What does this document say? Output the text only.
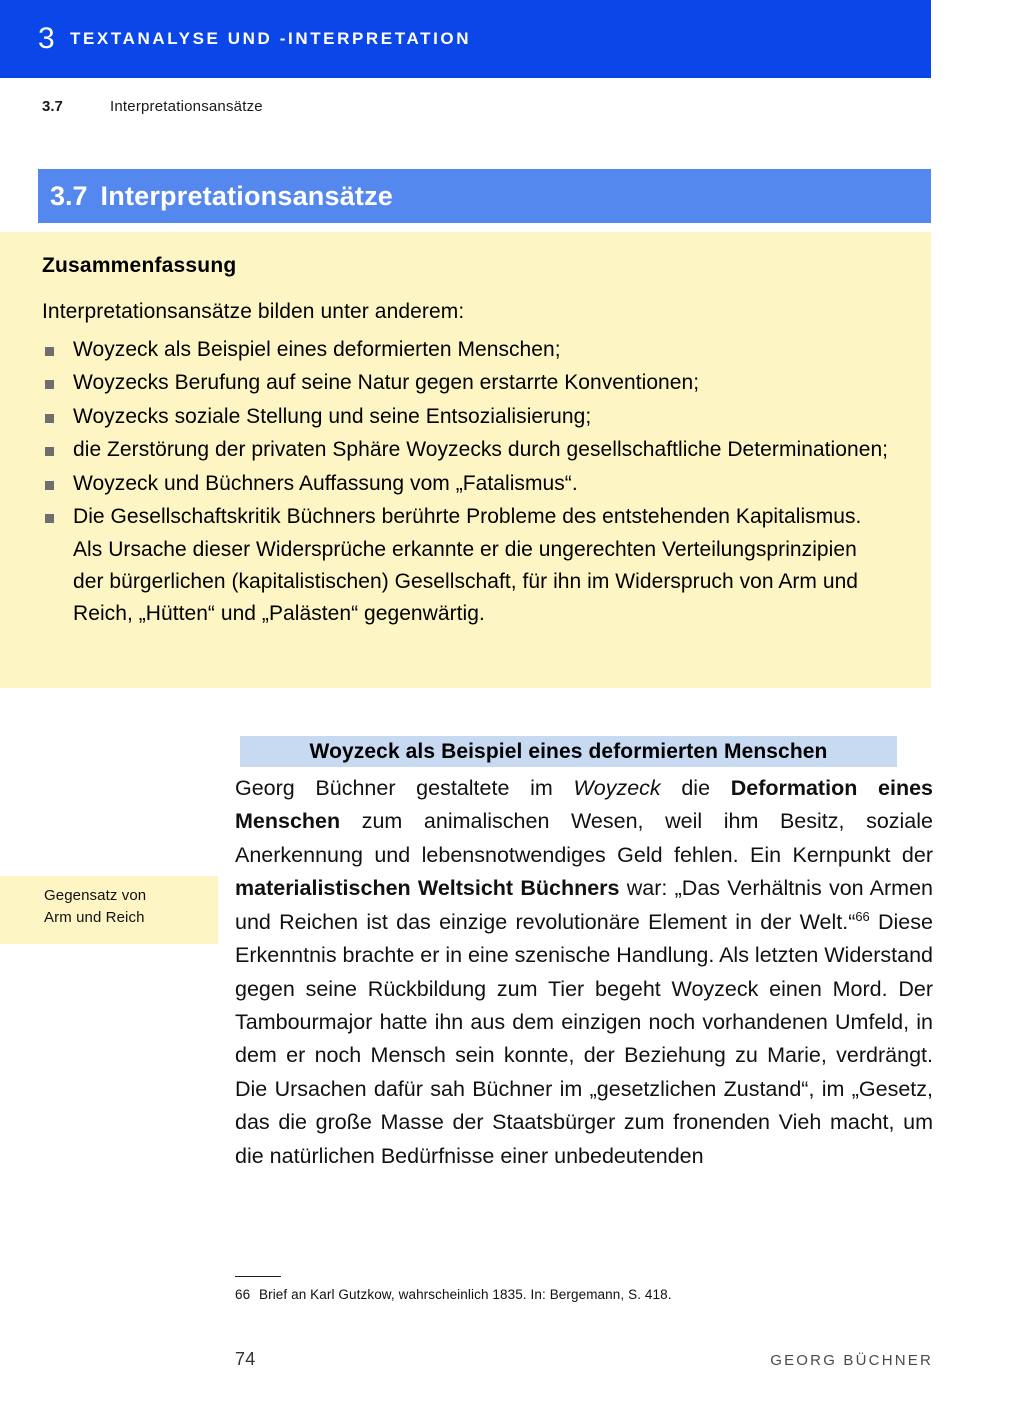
3 TEXTANALYSE UND -INTERPRETATION
3.7	Interpretationsansätze
3.7 Interpretationsansätze
Zusammenfassung

Interpretationsansätze bilden unter anderem:

Woyzeck als Beispiel eines deformierten Menschen;
Woyzecks Berufung auf seine Natur gegen erstarrte Konventionen;
Woyzecks soziale Stellung und seine Entsozialisierung;
die Zerstörung der privaten Sphäre Woyzecks durch gesellschaftliche Determinationen;
Woyzeck und Büchners Auffassung vom „Fatalismus“.
Die Gesellschaftskritik Büchners berührte Probleme des entstehenden Kapitalismus. Als Ursache dieser Widersprüche erkannte er die ungerechten Verteilungsprinzipien der bürgerlichen (kapitalistischen) Gesellschaft, für ihn im Widerspruch von Arm und Reich, „Hütten“ und „Palästen“ gegenwärtig.
Gegensatz von
Arm und Reich
Woyzeck als Beispiel eines deformierten Menschen

Georg Büchner gestaltete im Woyzeck die Deformation eines Menschen zum animalischen Wesen, weil ihm Besitz, soziale Anerkennung und lebensnotwendiges Geld fehlen. Ein Kernpunkt der materialistischen Weltsicht Büchners war: „Das Verhältnis von Armen und Reichen ist das einzige revolutionäre Element in der Welt.“$^{66}$ Diese Erkenntnis brachte er in eine szenische Handlung. Als letzten Widerstand gegen seine Rückbildung zum Tier begeht Woyzeck einen Mord. Der Tambourmajor hatte ihn aus dem einzigen noch vorhandenen Umfeld, in dem er noch Mensch sein konnte, der Beziehung zu Marie, verdrängt. Die Ursachen dafür sah Büchner im „gesetzlichen Zustand“, im „Gesetz, das die große Masse der Staatsbürger zum fronenden Vieh macht, um die natürlichen Bedürfnisse einer unbedeutenden

66 Brief an Karl Gutzkow, wahrscheinlich 1835. In: Bergemann, S. 418.
74	GEORG BÜCHNER
